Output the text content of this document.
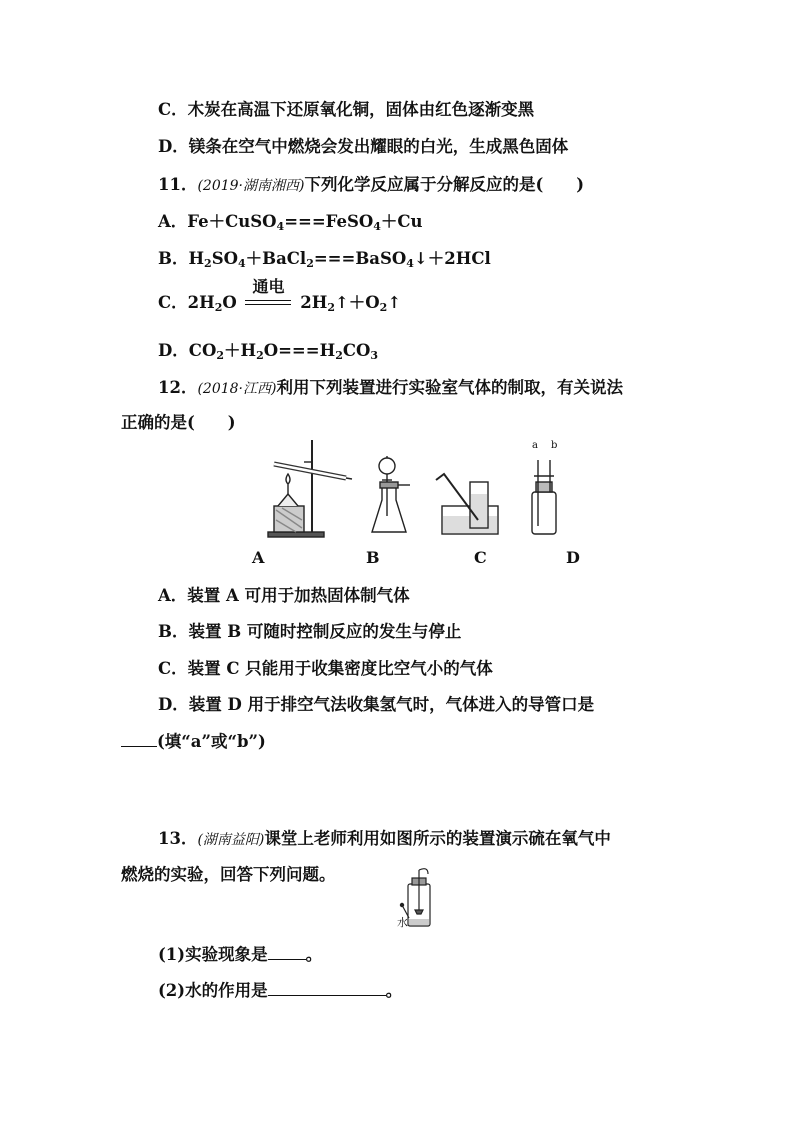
C．木炭在高温下还原氧化铜，固体由红色逐渐变黑
D．镁条在空气中燃烧会发出耀眼的白光，生成黑色固体
11．(2019·湖南湘西)下列化学反应属于分解反应的是(　　)
A．Fe＋CuSO$_4$===FeSO$_4$＋Cu
B．$H_2SO_4+BaCl_2===BaSO_4↓+2HCl$
C．$2H_2O$
通电
$2H_2↑+O_2↑$
D．$CO_2+H_2O===H_2CO_3$
12．(2018·江西)利用下列装置进行实验室气体的制取，有关说法
正确的是(　　)
a b
A	B	C	D
A．装置 A 可用于加热固体制气体
B．装置 B 可随时控制反应的发生与停止
C．装置 C 只能用于收集密度比空气小的气体
D．装置 D 用于排空气法收集氢气时，气体进入的导管口是
(填“a”或“b”)
13．(湖南益阳)课堂上老师利用如图所示的装置演示硫在氧气中
燃烧的实验，回答下列问题。
水
(1)实验现象是 。
(2)水的作用是	。
